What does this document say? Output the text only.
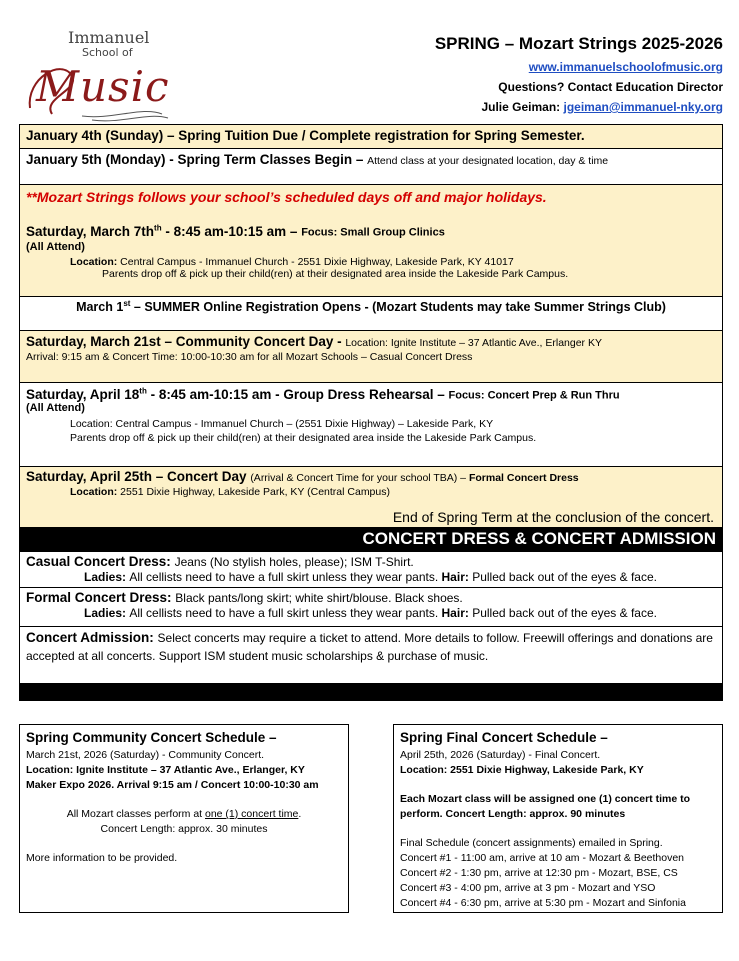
Immanuel
School of
Music
SPRING – Mozart Strings 2025-2026
www.immanuelschoolofmusic.org
Questions? Contact Education Director
Julie Geiman: jgeiman@immanuel-nky.org
January 4th (Sunday) – Spring Tuition Due / Complete registration for Spring Semester.
January 5th (Monday) - Spring Term Classes Begin – Attend class at your designated location, day & time
**Mozart Strings follows your school’s scheduled days off and major holidays.
Saturday, March $7th^{th}$ - 8:45 am-10:15 am – Focus: Small Group Clinics
(All Attend)
Location: Central Campus - Immanuel Church - 2551 Dixie Highway, Lakeside Park, KY 41017
Parents drop off & pick up their child(ren) at their designated area inside the Lakeside Park Campus.
March 1st – SUMMER Online Registration Opens - (Mozart Students may take Summer Strings Club)
Saturday, March 21st – Community Concert Day - Location: Ignite Institute – 37 Atlantic Ave., Erlanger KY
Arrival: 9:15 am & Concert Time: 10:00-10:30 am for all Mozart Schools – Casual Concert Dress
Saturday, April 18th - 8:45 am-10:15 am - Group Dress Rehearsal – Focus: Concert Prep & Run Thru
(All Attend)
Location: Central Campus - Immanuel Church – (2551 Dixie Highway) – Lakeside Park, KY
Parents drop off & pick up their child(ren) at their designated area inside the Lakeside Park Campus.
Saturday, April 25th – Concert Day (Arrival & Concert Time for your school TBA) – Formal Concert Dress
Location: 2551 Dixie Highway, Lakeside Park, KY (Central Campus)
End of Spring Term at the conclusion of the concert.
CONCERT DRESS & CONCERT ADMISSION
Casual Concert Dress: Jeans (No stylish holes, please); ISM T-Shirt.
Ladies: All cellists need to have a full skirt unless they wear pants. Hair: Pulled back out of the eyes & face.
Formal Concert Dress: Black pants/long skirt; white shirt/blouse. Black shoes.
Ladies: All cellists need to have a full skirt unless they wear pants. Hair: Pulled back out of the eyes & face.
Concert Admission: Select concerts may require a ticket to attend. More details to follow. Freewill offerings and donations are accepted at all concerts. Support ISM student music scholarships & purchase of music.
Spring Community Concert Schedule –
March 21st, 2026 (Saturday) - Community Concert.
Location: Ignite Institute – 37 Atlantic Ave., Erlanger, KY
Maker Expo 2026. Arrival 9:15 am / Concert 10:00-10:30 am
All Mozart classes perform at one (1) concert time.
Concert Length: approx. 30 minutes
More information to be provided.
Spring Final Concert Schedule –
April 25th, 2026 (Saturday) - Final Concert.
Location: 2551 Dixie Highway, Lakeside Park, KY
Each Mozart class will be assigned one (1) concert time to perform. Concert Length: approx. 90 minutes
Final Schedule (concert assignments) emailed in Spring.
Concert #1 - 11:00 am, arrive at 10 am - Mozart & Beethoven
Concert #2 - 1:30 pm, arrive at 12:30 pm - Mozart, BSE, CS
Concert #3 - 4:00 pm, arrive at 3 pm - Mozart and YSO
Concert #4 - 6:30 pm, arrive at 5:30 pm - Mozart and Sinfonia
